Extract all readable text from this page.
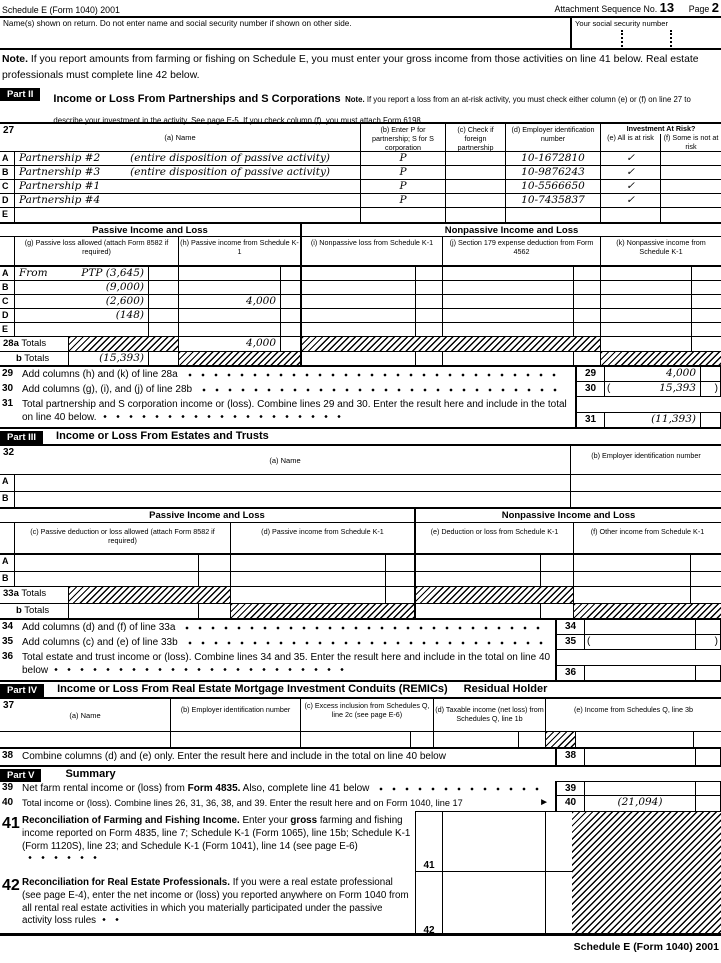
Schedule E (Form 1040) 2001	Attachment Sequence No. 13 Page 2
Name(s) shown on return. Do not enter name and social security number if shown on other side.	Your social security number
Note. If you report amounts from farming or fishing on Schedule E, you must enter your gross income from those activities on line 41 below. Real estate professionals must complete line 42 below.
Part II	Income or Loss From Partnerships and S Corporations Note. If you report a loss from an at-risk activity, you must check either column (e) or (f) on line 27 to describe your investment in the activity. See page E-5. If you check column (f), you must attach Form 6198.
27
(a) Name
(b) Enter P for partnership; S for S corporation
(c) Check if foreign partnership
(d) Employer identification number
Investment At Risk?
(e) All is at risk	(f) Some is not at risk
A	Partnership #2	(entire disposition of passive activity)	P	10-1672810	✓
B	Partnership #3	(entire disposition of passive activity)	P	10-9876243	✓
C	Partnership #1	P	10-5566650	✓
D	Partnership #4	P	10-7435837	✓
E
Passive Income and Loss	Nonpassive Income and Loss
(g) Passive loss allowed (attach Form 8582 if required)
(h) Passive income from Schedule K-1
(i) Nonpassive loss from Schedule K-1	(j) Section 179 expense deduction from Form 4562
(k) Nonpassive income from Schedule K-1
A	From	PTP (3,645)
B	(9,000)
C	(2,600)	4,000
D	(148)
E
28a Totals	4,000
b Totals	(15,393)
29 Add columns (h) and (k) of line 28a	29	4,000
30 Add columns (g), (i), and (j) of line 28b	30	(	15,393	)
31 Total partnership and S corporation income or (loss). Combine lines 29 and 30. Enter the result here and include in the total on line 40 below.	31	(11,393)
Part III	Income or Loss From Estates and Trusts
32
(a) Name	(b) Employer identification number
A
B
Passive Income and Loss	Nonpassive Income and Loss
(c) Passive deduction or loss allowed (attach Form 8582 if required)
(d) Passive income from Schedule K-1	(e) Deduction or loss from Schedule K-1	(f) Other income from Schedule K-1
A
B
33a Totals
b Totals
34 Add columns (d) and (f) of line 33a	34
35 Add columns (c) and (e) of line 33b	35	(	)
36 Total estate and trust income or (loss). Combine lines 34 and 35. Enter the result here and include in the total on line 40 below	36
Part IV	Income or Loss From Real Estate Mortgage Investment Conduits (REMICs) Residual Holder
37
(a) Name
(b) Employer identification number	(c) Excess inclusion from Schedules Q, line 2c (see page E-6)
(d) Taxable income (net loss) from Schedules Q, line 1b
(e) Income from Schedules Q, line 3b
38 Combine columns (d) and (e) only. Enter the result here and include in the total on line 40 below	38
Part V	Summary
39 Net farm rental income or (loss) from Form 4835. Also, complete line 41 below	39
40 Total income or (loss). Combine lines 26, 31, 36, 38, and 39. Enter the result here and on Form 1040, line 17	►	40	(21,094)
41 Reconciliation of Farming and Fishing Income. Enter your gross farming and fishing income reported on Form 4835, line 7; Schedule K-1 (Form 1065), line 15b; Schedule K-1 (Form 1120S), line 23; and Schedule K-1 (Form 1041), line 14 (see page E-6)
42 Reconciliation for Real Estate Professionals. If you were a real estate professional (see page E-4), enter the net income or (loss) you reported anywhere on Form 1040 from all rental real estate activities in which you materially participated under the passive activity loss rules
41
42
Schedule E (Form 1040) 2001
